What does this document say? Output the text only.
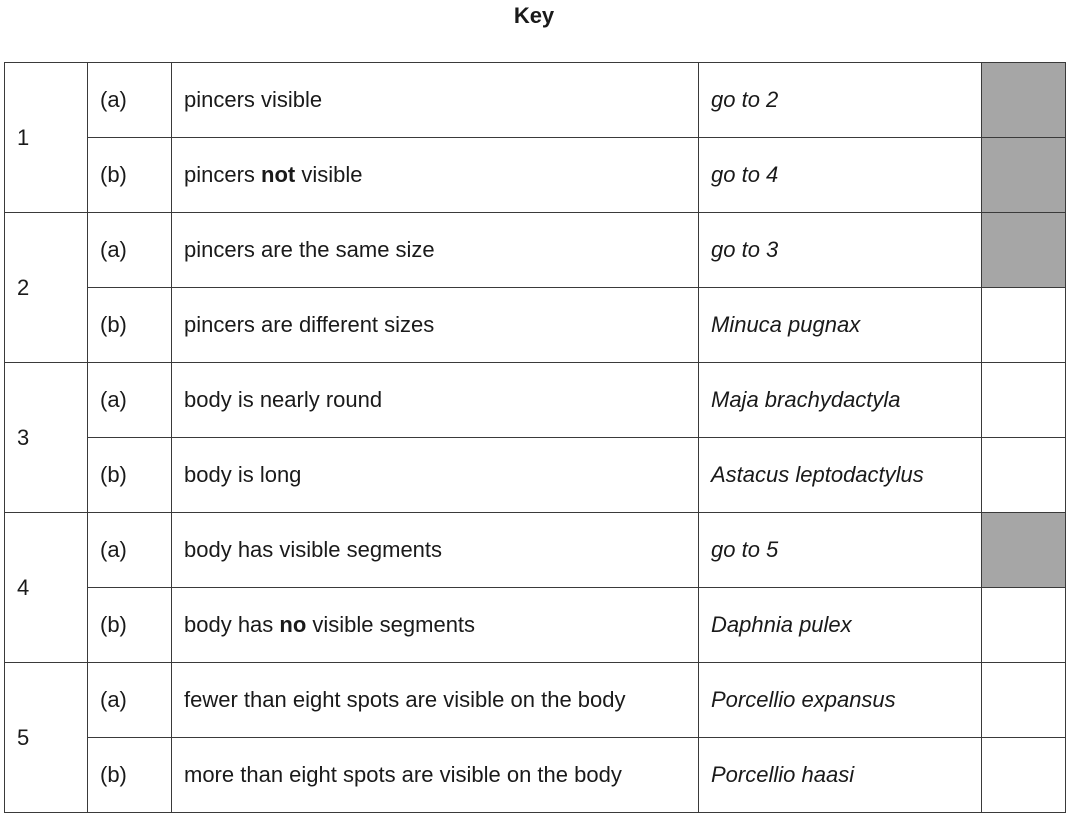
Key
1	(a)	pincers visible	go to 2	
	(b)	pincers not visible	go to 4	
2	(a)	pincers are the same size	go to 3	
	(b)	pincers are different sizes	Minuca pugnax	
3	(a)	body is nearly round	Maja brachydactyla	
	(b)	body is long	Astacus leptodactylus	
4	(a)	body has visible segments	go to 5	
	(b)	body has no visible segments	Daphnia pulex	
5	(a)	fewer than eight spots are visible on the body	Porcellio expansus	
	(b)	more than eight spots are visible on the body	Porcellio haasi	
